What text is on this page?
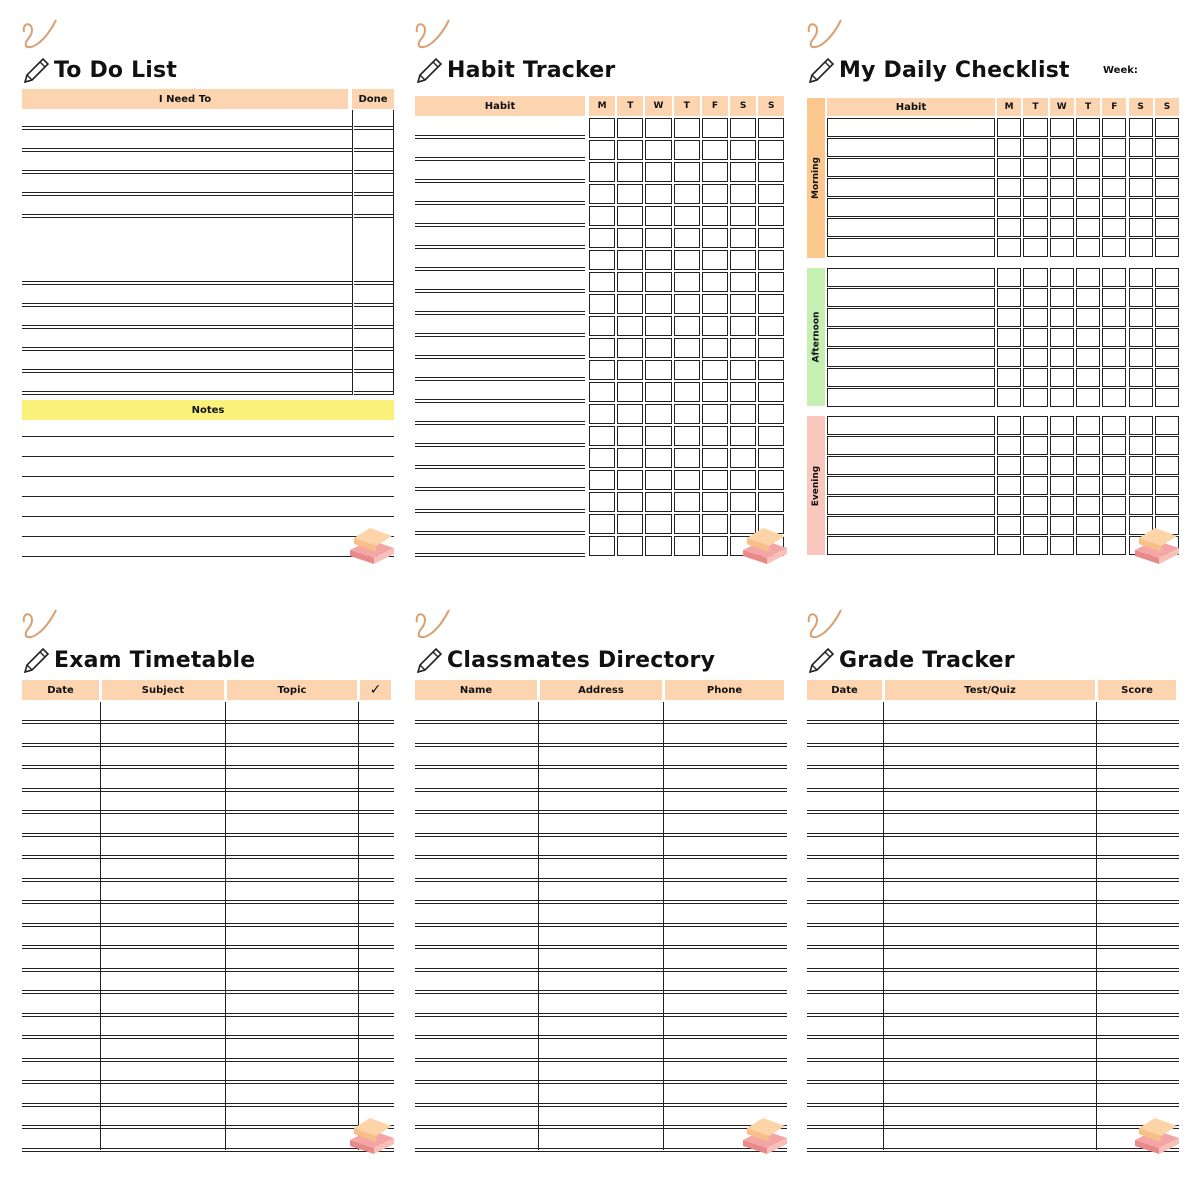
To Do List
I Need To	Done
Notes
Habit Tracker
Habit	M	T	W	T	F	S	S
My Daily Checklist	Week:
Habit	M	T	W	T	F	S	S
Morning
Afternoon
Evening
Exam Timetable
Date	Subject	Topic	✓
Classmates Directory
Name	Address	Phone
Grade Tracker
Date	Test/Quiz	Score
